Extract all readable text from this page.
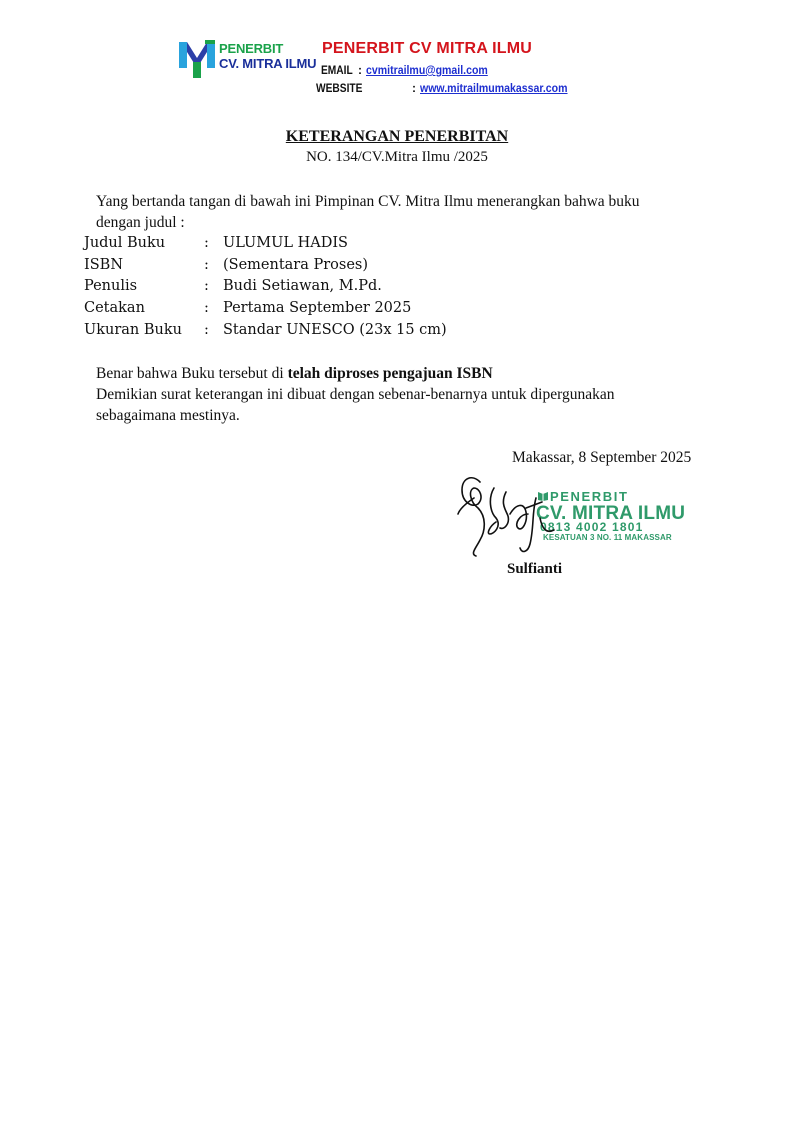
PENERBIT
CV. MITRA ILMU
PENERBIT CV MITRA ILMU
EMAIL : cvmitrailmu@gmail.com
WEBSITE	: www.mitrailmumakassar.com
KETERANGAN PENERBITAN
NO. 134/CV.Mitra Ilmu /2025
Yang bertanda tangan di bawah ini Pimpinan CV. Mitra Ilmu menerangkan bahwa buku
dengan judul :
Judul Buku	: ULUMUL HADIS
ISBN	: (Sementara Proses)
Penulis	: Budi Setiawan, M.Pd.
Cetakan	: Pertama September 2025
Ukuran Buku : Standar UNESCO (23x 15 cm)
Benar bahwa Buku tersebut di telah diproses pengajuan ISBN
Demikian surat keterangan ini dibuat dengan sebenar-benarnya untuk dipergunakan
sebagaimana mestinya.
Makassar, 8 September 2025
PENERBIT
CV. MITRA ILMU
0813 4002 1801
KESATUAN 3 NO. 11 MAKASSAR
Sulfianti
